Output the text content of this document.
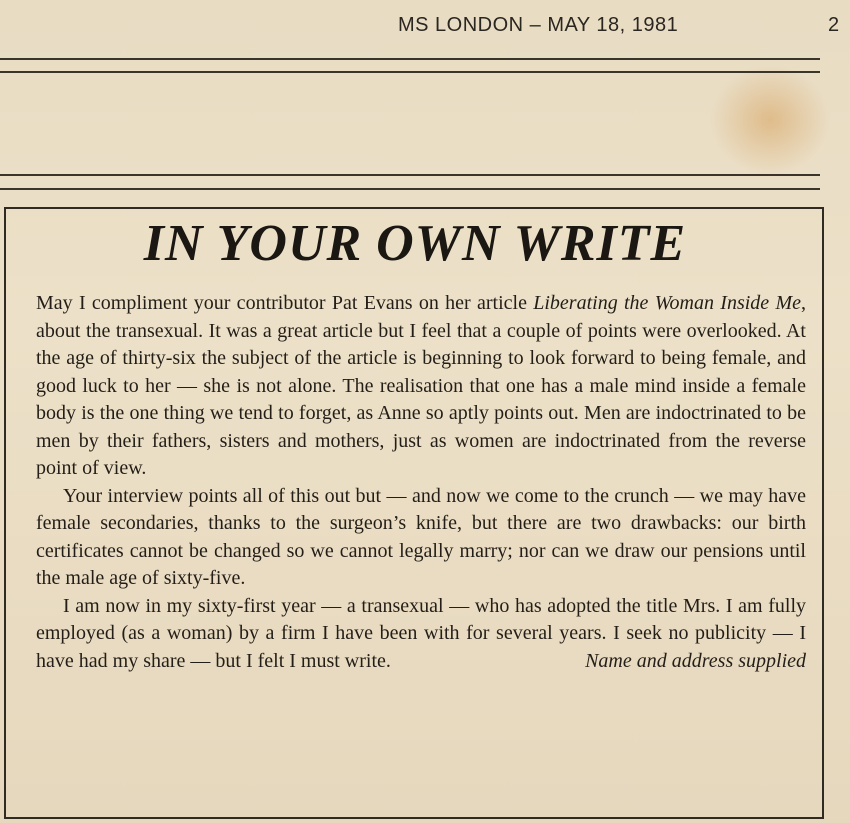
MS LONDON – MAY 18, 1981	2
IN YOUR OWN WRITE

May I compliment your contributor Pat Evans on her article Liberating the Woman Inside Me, about the transexual. It was a great article but I feel that a couple of points were overlooked. At the age of thirty-six the subject of the article is beginning to look forward to being female, and good luck to her — she is not alone. The realisation that one has a male mind inside a female body is the one thing we tend to forget, as Anne so aptly points out. Men are indoctrinated to be men by their fathers, sisters and mothers, just as women are indoctrinated from the reverse point of view.

Your interview points all of this out but — and now we come to the crunch — we may have female secondaries, thanks to the surgeon’s knife, but there are two drawbacks: our birth certificates cannot be changed so we cannot legally marry; nor can we draw our pensions until the male age of sixty-five.

I am now in my sixty-first year — a transexual — who has adopted the title Mrs. I am fully employed (as a woman) by a firm I have been with for several years. I seek no publicity — I have had my share — but I felt I must write.	Name and address supplied
